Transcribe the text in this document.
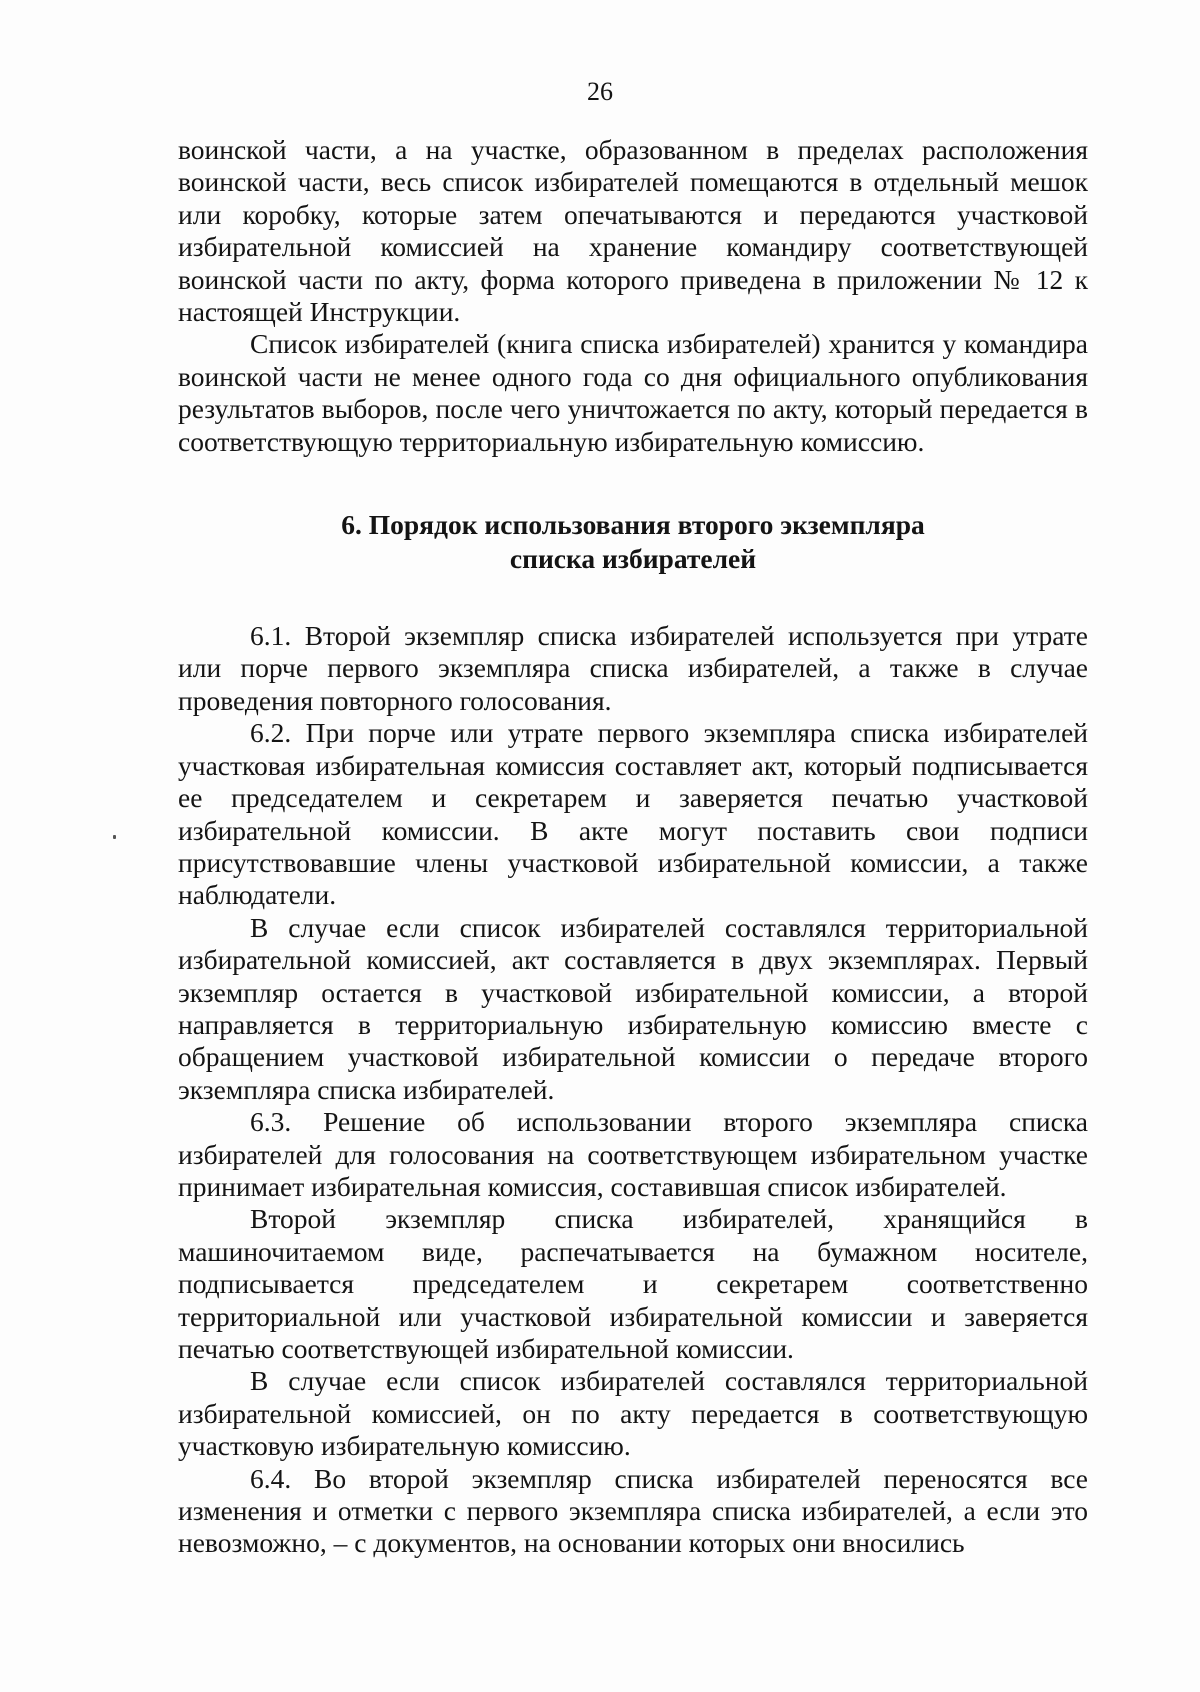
26

воинской части, а на участке, образованном в пределах расположения воинской части, весь список избирателей помещаются в отдельный мешок или коробку, которые затем опечатываются и передаются участковой избирательной комиссией на хранение командиру соответствующей воинской части по акту, форма которого приведена в приложении № 12 к настоящей Инструкции.

Список избирателей (книга списка избирателей) хранится у командира воинской части не менее одного года со дня официального опубликования результатов выборов, после чего уничтожается по акту, который передается в соответствующую территориальную избирательную комиссию.

6. Порядок использования второго экземпляра
списка избирателей

6.1. Второй экземпляр списка избирателей используется при утрате или порче первого экземпляра списка избирателей, а также в случае проведения повторного голосования.

6.2. При порче или утрате первого экземпляра списка избирателей участковая избирательная комиссия составляет акт, который подписывается ее председателем и секретарем и заверяется печатью участковой избирательной комиссии. В акте могут поставить свои подписи присутствовавшие члены участковой избирательной комиссии, а также наблюдатели.

В случае если список избирателей составлялся территориальной избирательной комиссией, акт составляется в двух экземплярах. Первый экземпляр остается в участковой избирательной комиссии, а второй направляется в территориальную избирательную комиссию вместе с обращением участковой избирательной комиссии о передаче второго экземпляра списка избирателей.

6.3. Решение об использовании второго экземпляра списка избирателей для голосования на соответствующем избирательном участке принимает избирательная комиссия, составившая список избирателей.

Второй экземпляр списка избирателей, хранящийся в машиночитаемом виде, распечатывается на бумажном носителе, подписывается председателем и секретарем соответственно территориальной или участковой избирательной комиссии и заверяется печатью соответствующей избирательной комиссии.

В случае если список избирателей составлялся территориальной избирательной комиссией, он по акту передается в соответствующую участковую избирательную комиссию.

6.4. Во второй экземпляр списка избирателей переносятся все изменения и отметки с первого экземпляра списка избирателей, а если это невозможно, – с документов, на основании которых они вносились
